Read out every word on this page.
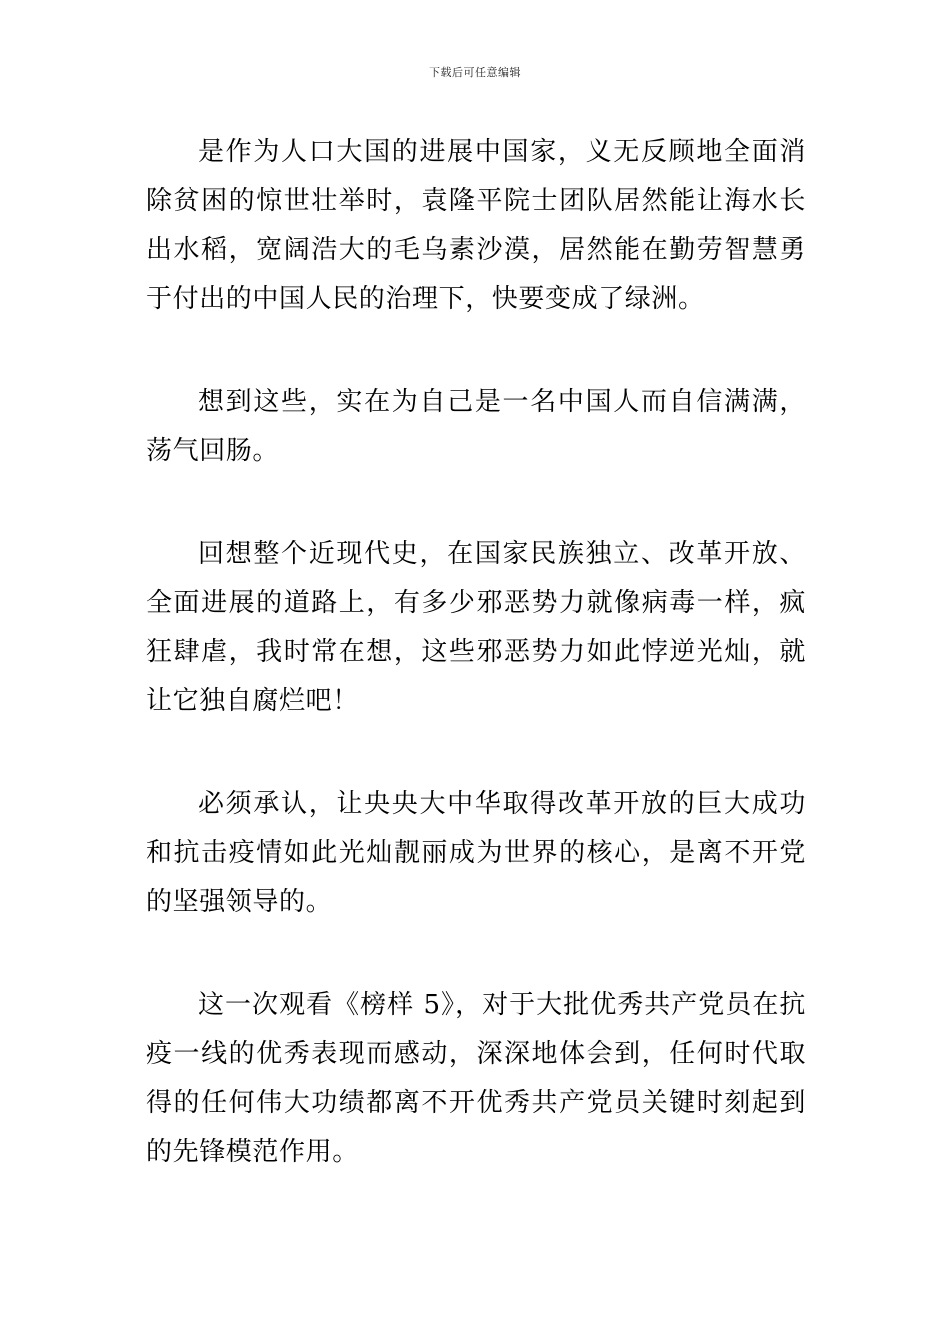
下载后可任意编辑

是作为人口大国的进展中国家，义无反顾地全面消除贫困的惊世壮举时，袁隆平院士团队居然能让海水长出水稻，宽阔浩大的毛乌素沙漠，居然能在勤劳智慧勇于付出的中国人民的治理下，快要变成了绿洲。

想到这些，实在为自己是一名中国人而自信满满，荡气回肠。

回想整个近现代史，在国家民族独立、改革开放、全面进展的道路上，有多少邪恶势力就像病毒一样，疯狂肆虐，我时常在想，这些邪恶势力如此悖逆光灿，就让它独自腐烂吧！

必须承认，让央央大中华取得改革开放的巨大成功和抗击疫情如此光灿靓丽成为世界的核心，是离不开党的坚强领导的。

这一次观看《榜样 5》，对于大批优秀共产党员在抗疫一线的优秀表现而感动，深深地体会到，任何时代取得的任何伟大功绩都离不开优秀共产党员关键时刻起到的先锋模范作用。
